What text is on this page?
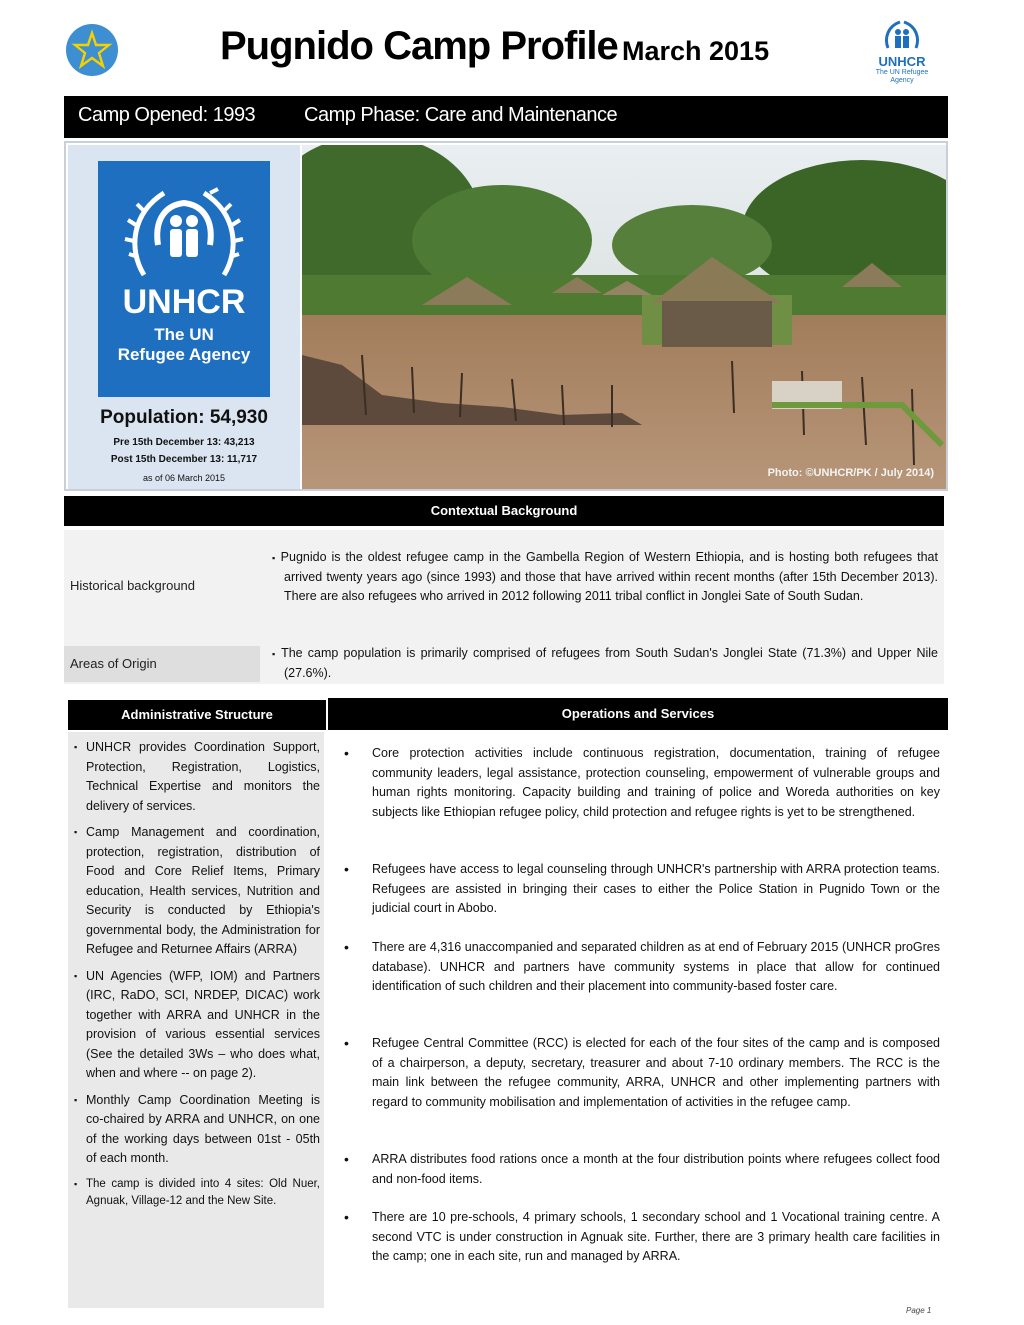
Pugnido Camp Profile March 2015	UNHCR
The UN Refugee Agency
Camp Opened: 1993 Camp Phase: Care and Maintenance
UNHCR
The UN
Refugee Agency
Population: 54,930
Pre 15th December 13: 43,213
Post 15th December 13: 11,717
as of 06 March 2015	Photo: ©UNHCR/PK / July 2014)
Contextual Background
Historical background
▪ Pugnido is the oldest refugee camp in the Gambella Region of Western Ethiopia, and is hosting both refugees that arrived twenty years ago (since 1993) and those that have arrived within recent months (after 15th December 2013). There are also refugees who arrived in 2012 following 2011 tribal conflict in Jonglei Sate of South Sudan.
Areas of Origin
▪ The camp population is primarily comprised of refugees from South Sudan's Jonglei State (71.3%) and Upper Nile (27.6%).
Administrative Structure	Operations and Services
▪ UNHCR provides Coordination Support, Protection, Registration, Logistics, Technical Expertise and monitors the delivery of services.
▪ Camp Management and coordination, protection, registration, distribution of Food and Core Relief Items, Primary education, Health services, Nutrition and Security is conducted by Ethiopia's governmental body, the Administration for Refugee and Returnee Affairs (ARRA)
▪ UN Agencies (WFP, IOM) and Partners (IRC, RaDO, SCI, NRDEP, DICAC) work together with ARRA and UNHCR in the provision of various essential services (See the detailed 3Ws – who does what, when and where -- on page 2).
▪ Monthly Camp Coordination Meeting is co-chaired by ARRA and UNHCR, on one of the working days between 01st - 05th of each month.
▪ The camp is divided into 4 sites: Old Nuer, Agnuak, Village-12 and the New Site.
• Core protection activities include continuous registration, documentation, training of refugee community leaders, legal assistance, protection counseling, empowerment of vulnerable groups and human rights monitoring. Capacity building and training of police and Woreda authorities on key subjects like Ethiopian refugee policy, child protection and refugee rights is yet to be strengthened.
• Refugees have access to legal counseling through UNHCR's partnership with ARRA protection teams. Refugees are assisted in bringing their cases to either the Police Station in Pugnido Town or the judicial court in Abobo.
• There are 4,316 unaccompanied and separated children as at end of February 2015 (UNHCR proGres database). UNHCR and partners have community systems in place that allow for continued identification of such children and their placement into community-based foster care.
• Refugee Central Committee (RCC) is elected for each of the four sites of the camp and is composed of a chairperson, a deputy, secretary, treasurer and about 7-10 ordinary members. The RCC is the main link between the refugee community, ARRA, UNHCR and other implementing partners with regard to community mobilisation and implementation of activities in the refugee camp.
• ARRA distributes food rations once a month at the four distribution points where refugees collect food and non-food items.
• There are 10 pre-schools, 4 primary schools, 1 secondary school and 1 Vocational training centre. A second VTC is under construction in Agnuak site. Further, there are 3 primary health care facilities in the camp; one in each site, run and managed by ARRA.
Page 1
